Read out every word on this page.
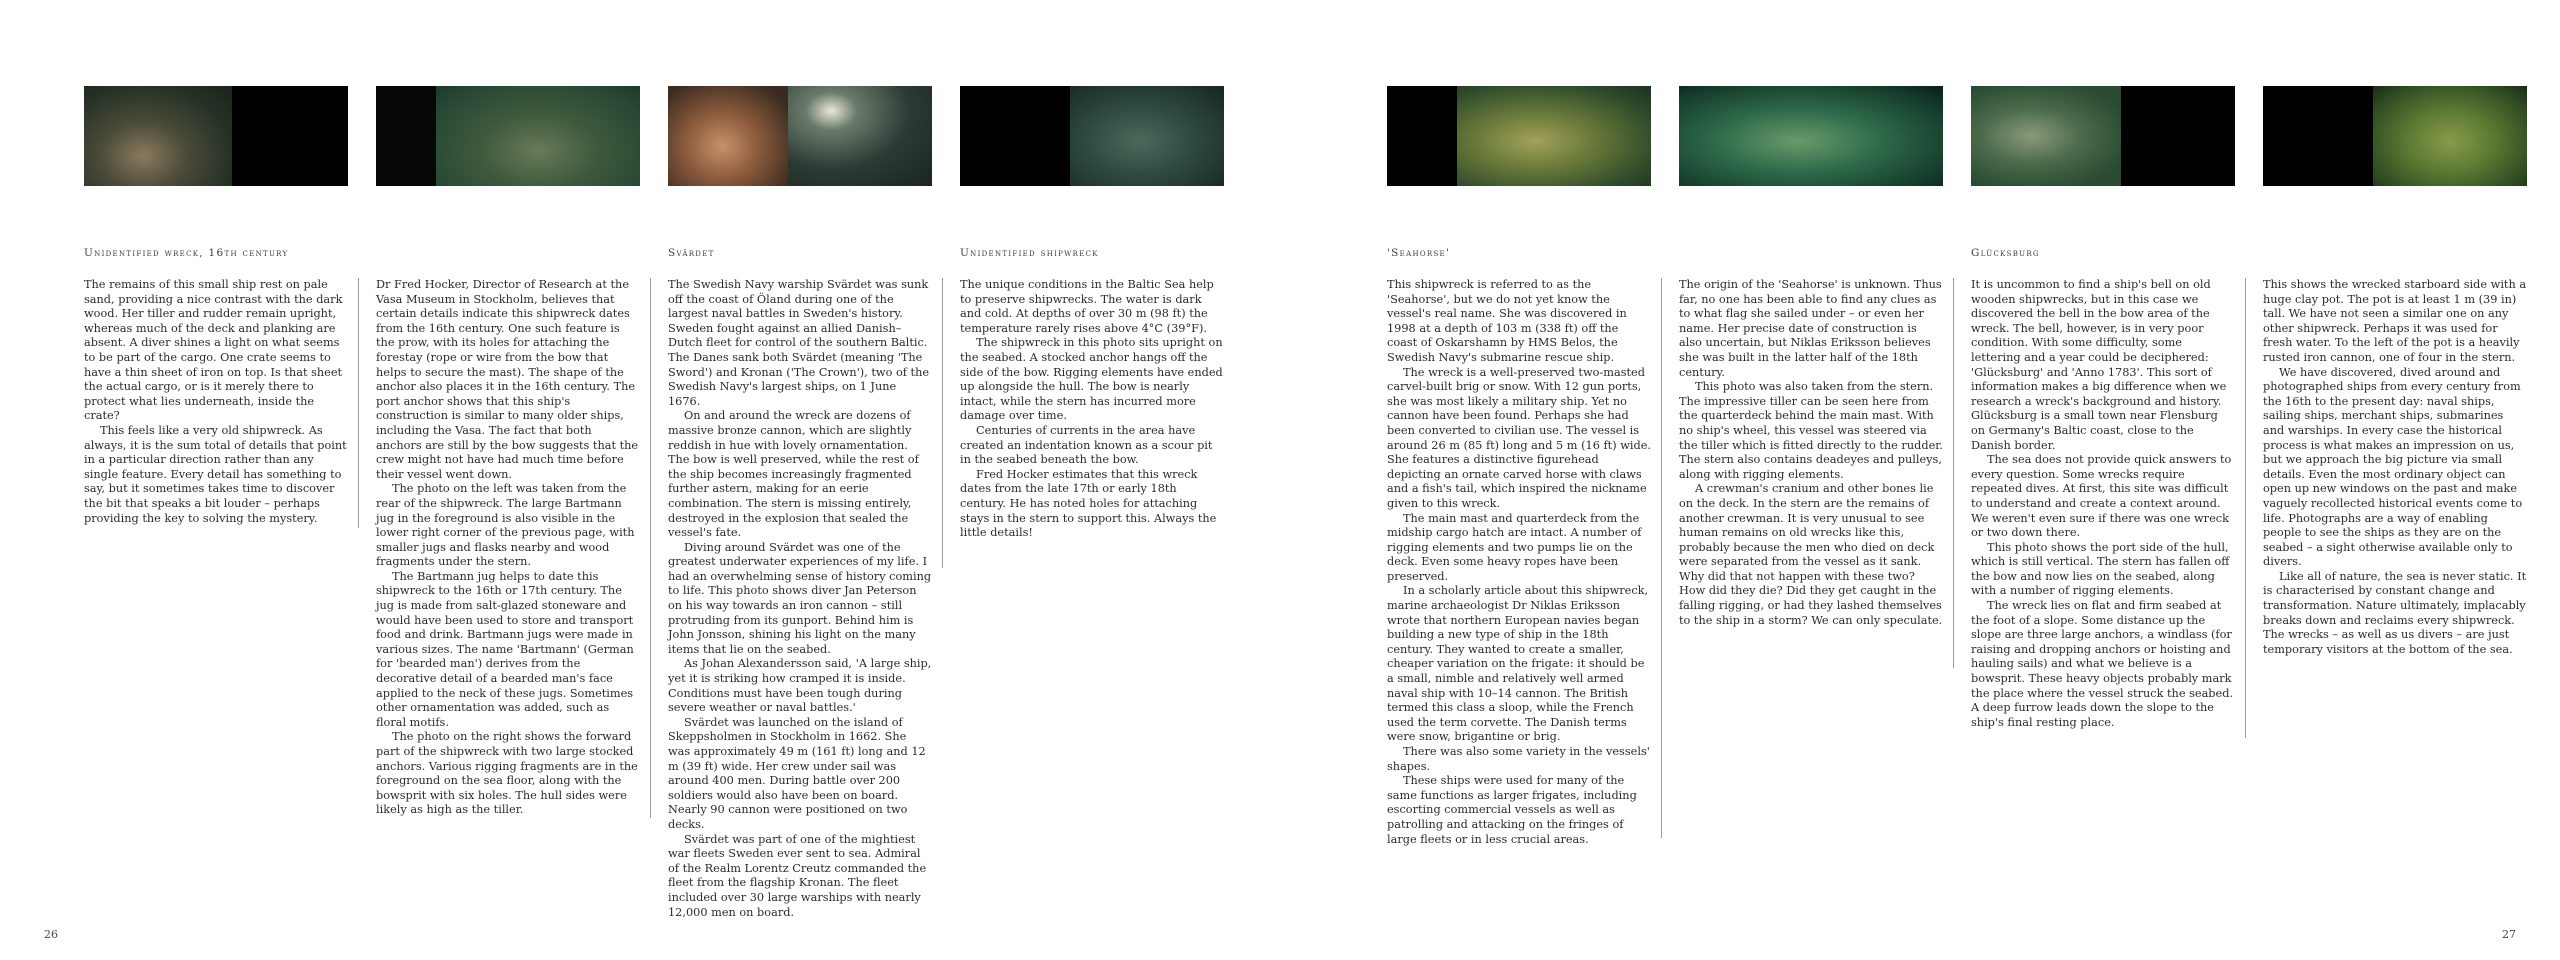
Unidentified wreck, 16th century	Svärdet	Unidentified shipwreck

The remains of this small ship rest on pale sand, providing a nice contrast with the dark wood. Her tiller and rudder remain upright, whereas much of the deck and planking are absent. A diver shines a light on what seems to be part of the cargo. One crate seems to have a thin sheet of iron on top. Is that sheet the actual cargo, or is it merely there to protect what lies underneath, inside the crate?

This feels like a very old shipwreck. As always, it is the sum total of details that point in a particular direction rather than any single feature. Every detail has something to say, but it sometimes takes time to discover the bit that speaks a bit louder – perhaps providing the key to solving the mystery.

Dr Fred Hocker, Director of Research at the Vasa Museum in Stockholm, believes that certain details indicate this shipwreck dates from the 16th century. One such feature is the prow, with its holes for attaching the forestay (rope or wire from the bow that helps to secure the mast). The shape of the anchor also places it in the 16th century. The port anchor shows that this ship's construction is similar to many older ships, including the Vasa. The fact that both anchors are still by the bow suggests that the crew might not have had much time before their vessel went down.

The photo on the left was taken from the rear of the shipwreck. The large Bartmann jug in the foreground is also visible in the lower right corner of the previous page, with smaller jugs and flasks nearby and wood fragments under the stern.

The Bartmann jug helps to date this shipwreck to the 16th or 17th century. The jug is made from salt-glazed stoneware and would have been used to store and transport food and drink. Bartmann jugs were made in various sizes. The name 'Bartmann' (German for 'bearded man') derives from the decorative detail of a bearded man's face applied to the neck of these jugs. Sometimes other ornamentation was added, such as floral motifs.

The photo on the right shows the forward part of the shipwreck with two large stocked anchors. Various rigging fragments are in the foreground on the sea floor, along with the bowsprit with six holes. The hull sides were likely as high as the tiller.

The Swedish Navy warship Svärdet was sunk off the coast of Öland during one of the largest naval battles in Sweden's history. Sweden fought against an allied Danish–Dutch fleet for control of the southern Baltic. The Danes sank both Svärdet (meaning 'The Sword') and Kronan ('The Crown'), two of the Swedish Navy's largest ships, on 1 June 1676.

On and around the wreck are dozens of massive bronze cannon, which are slightly reddish in hue with lovely ornamentation. The bow is well preserved, while the rest of the ship becomes increasingly fragmented further astern, making for an eerie combination. The stern is missing entirely, destroyed in the explosion that sealed the vessel's fate.

Diving around Svärdet was one of the greatest underwater experiences of my life. I had an overwhelming sense of history coming to life. This photo shows diver Jan Peterson on his way towards an iron cannon – still protruding from its gunport. Behind him is John Jonsson, shining his light on the many items that lie on the seabed.

As Johan Alexandersson said, 'A large ship, yet it is striking how cramped it is inside. Conditions must have been tough during severe weather or naval battles.'

Svärdet was launched on the island of Skeppsholmen in Stockholm in 1662. She was approximately 49 m (161 ft) long and 12 m (39 ft) wide. Her crew under sail was around 400 men. During battle over 200 soldiers would also have been on board. Nearly 90 cannon were positioned on two decks.

Svärdet was part of one of the mightiest war fleets Sweden ever sent to sea. Admiral of the Realm Lorentz Creutz commanded the fleet from the flagship Kronan. The fleet included over 30 large warships with nearly 12,000 men on board.

The unique conditions in the Baltic Sea help to preserve shipwrecks. The water is dark and cold. At depths of over 30 m (98 ft) the temperature rarely rises above 4°C (39°F).

The shipwreck in this photo sits upright on the seabed. A stocked anchor hangs off the side of the bow. Rigging elements have ended up alongside the hull. The bow is nearly intact, while the stern has incurred more damage over time.

Centuries of currents in the area have created an indentation known as a scour pit in the seabed beneath the bow.

Fred Hocker estimates that this wreck dates from the late 17th or early 18th century. He has noted holes for attaching stays in the stern to support this. Always the little details!

'Seahorse'	Glücksburg

This shipwreck is referred to as the 'Seahorse', but we do not yet know the vessel's real name. She was discovered in 1998 at a depth of 103 m (338 ft) off the coast of Oskarshamn by HMS Belos, the Swedish Navy's submarine rescue ship.

The wreck is a well-preserved two-masted carvel-built brig or snow. With 12 gun ports, she was most likely a military ship. Yet no cannon have been found. Perhaps she had been converted to civilian use. The vessel is around 26 m (85 ft) long and 5 m (16 ft) wide. She features a distinctive figurehead depicting an ornate carved horse with claws and a fish's tail, which inspired the nickname given to this wreck.

The main mast and quarterdeck from the midship cargo hatch are intact. A number of rigging elements and two pumps lie on the deck. Even some heavy ropes have been preserved.

In a scholarly article about this shipwreck, marine archaeologist Dr Niklas Eriksson wrote that northern European navies began building a new type of ship in the 18th century. They wanted to create a smaller, cheaper variation on the frigate: it should be a small, nimble and relatively well armed naval ship with 10–14 cannon. The British termed this class a sloop, while the French used the term corvette. The Danish terms were snow, brigantine or brig.

There was also some variety in the vessels' shapes.

These ships were used for many of the same functions as larger frigates, including escorting commercial vessels as well as patrolling and attacking on the fringes of large fleets or in less crucial areas.

The origin of the 'Seahorse' is unknown. Thus far, no one has been able to find any clues as to what flag she sailed under – or even her name. Her precise date of construction is also uncertain, but Niklas Eriksson believes she was built in the latter half of the 18th century.

This photo was also taken from the stern. The impressive tiller can be seen here from the quarterdeck behind the main mast. With no ship's wheel, this vessel was steered via the tiller which is fitted directly to the rudder. The stern also contains deadeyes and pulleys, along with rigging elements.

A crewman's cranium and other bones lie on the deck. In the stern are the remains of another crewman. It is very unusual to see human remains on old wrecks like this, probably because the men who died on deck were separated from the vessel as it sank. Why did that not happen with these two? How did they die? Did they get caught in the falling rigging, or had they lashed themselves to the ship in a storm? We can only speculate.

It is uncommon to find a ship's bell on old wooden shipwrecks, but in this case we discovered the bell in the bow area of the wreck. The bell, however, is in very poor condition. With some difficulty, some lettering and a year could be deciphered: 'Glücksburg' and 'Anno 1783'. This sort of information makes a big difference when we research a wreck's background and history. Glücksburg is a small town near Flensburg on Germany's Baltic coast, close to the Danish border.

The sea does not provide quick answers to every question. Some wrecks require repeated dives. At first, this site was difficult to understand and create a context around. We weren't even sure if there was one wreck or two down there.

This photo shows the port side of the hull, which is still vertical. The stern has fallen off the bow and now lies on the seabed, along with a number of rigging elements.

The wreck lies on flat and firm seabed at the foot of a slope. Some distance up the slope are three large anchors, a windlass (for raising and dropping anchors or hoisting and hauling sails) and what we believe is a bowsprit. These heavy objects probably mark the place where the vessel struck the seabed. A deep furrow leads down the slope to the ship's final resting place.

This shows the wrecked starboard side with a huge clay pot. The pot is at least 1 m (39 in) tall. We have not seen a similar one on any other shipwreck. Perhaps it was used for fresh water. To the left of the pot is a heavily rusted iron cannon, one of four in the stern.

We have discovered, dived around and photographed ships from every century from the 16th to the present day: naval ships, sailing ships, merchant ships, submarines and warships. In every case the historical process is what makes an impression on us, but we approach the big picture via small details. Even the most ordinary object can open up new windows on the past and make vaguely recollected historical events come to life. Photographs are a way of enabling people to see the ships as they are on the seabed – a sight otherwise available only to divers.

Like all of nature, the sea is never static. It is characterised by constant change and transformation. Nature ultimately, implacably breaks down and reclaims every shipwreck. The wrecks – as well as us divers – are just temporary visitors at the bottom of the sea.

26	27
